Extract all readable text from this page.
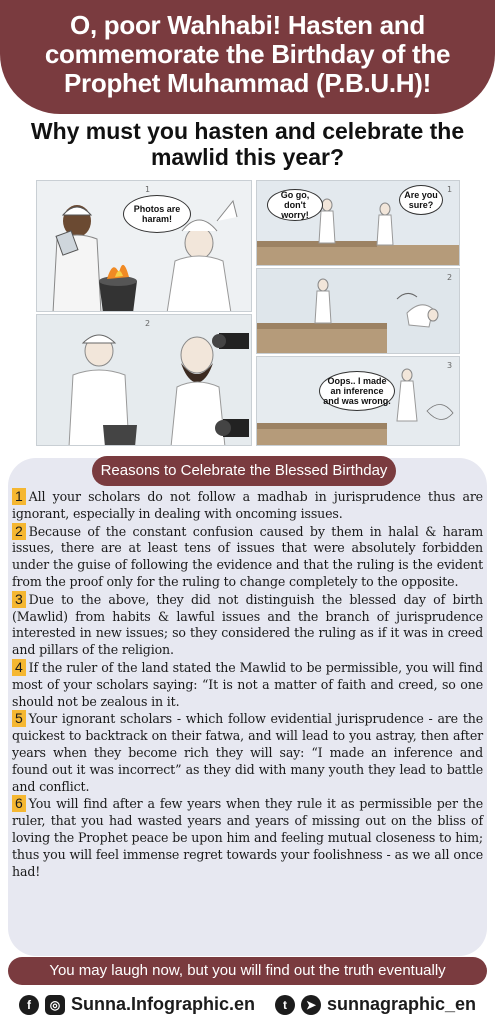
O, poor Wahhabi! Hasten and commemorate the Birthday of the Prophet Muhammad (P.B.U.H)!
Why must you hasten and celebrate the mawlid this year?
1
Photos are haram!
2
1
Go go, don't worry!
Are you sure?
2
3
Oops.. I made an inference and was wrong.
Reasons to Celebrate the Blessed Birthday

1 All your scholars do not follow a madhab in jurisprudence thus are ignorant, especially in dealing with oncoming issues.

2 Because of the constant confusion caused by them in halal & haram issues, there are at least tens of issues that were absolutely forbidden under the guise of following the evidence and that the ruling is the evident from the proof only for the ruling to change completely to the opposite.

3 Due to the above, they did not distinguish the blessed day of birth (Mawlid) from habits & lawful issues and the branch of jurisprudence interested in new issues; so they considered the ruling as if it was in creed and pillars of the religion.

4 If the ruler of the land stated the Mawlid to be permissible, you will find most of your scholars saying: “It is not a matter of faith and creed, so one should not be zealous in it.

5 Your ignorant scholars - which follow evidential jurisprudence - are the quickest to backtrack on their fatwa, and will lead to you astray, then after years when they become rich they will say: “I made an inference and found out it was incorrect” as they did with many youth they lead to battle and conflict.

6 You will find after a few years when they rule it as permissible per the ruler, that you had wasted years and years of missing out on the bliss of loving the Prophet peace be upon him and feeling mutual closeness to him; thus you will feel immense regret towards your foolishness - as we all once had!

You may laugh now, but you will find out the truth eventually
f	◎ Sunna.Infographic.en	t	➤ sunnagraphic_en
